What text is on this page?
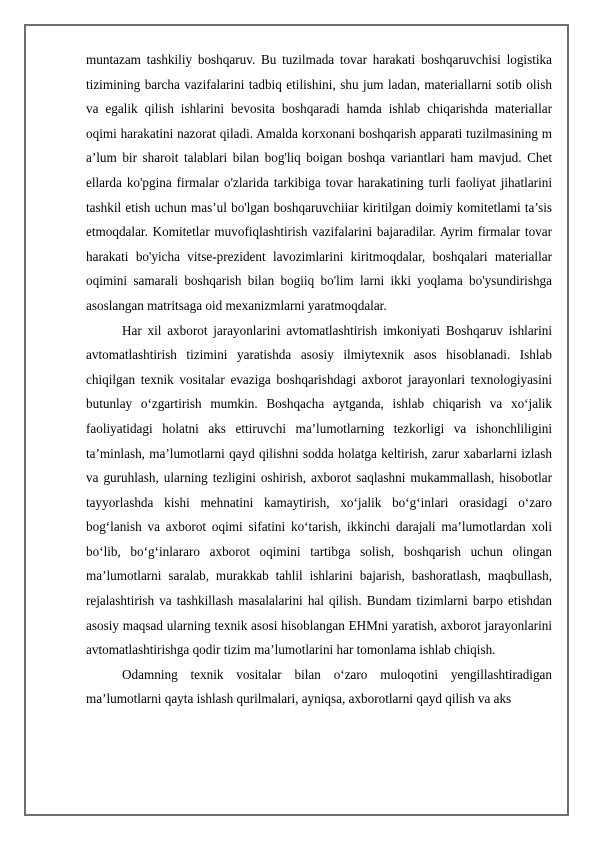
muntazam tashkiliy boshqaruv. Bu tuzilmada tovar harakati boshqaruvchisi logistika tizimining barcha vazifalarini tadbiq etilishini, shu jum ladan, materiallarni sotib olish va egalik qilish ishlarini bevosita boshqaradi hamda ishlab chiqarishda materiallar oqimi harakatini nazorat qiladi. Amalda korxonani boshqarish apparati tuzilmasining m a’lum bir sharoit talablari bilan bog'liq boigan boshqa variantlari ham mavjud. Chet ellarda ko'pgina firmalar o'zlarida tarkibiga tovar harakatining turli faoliyat jihatlarini tashkil etish uchun mas’ul bo'lgan boshqaruvchiiar kiritilgan doimiy komitetlami ta’sis etmoqdalar. Komitetlar muvofiqlashtirish vazifalarini bajaradilar. Ayrim firmalar tovar harakati bo'yicha vitse-prezident lavozimlarini kiritmoqdalar, boshqalari materiallar oqimini samarali boshqarish bilan bogiiq bo'lim larni ikki yoqlama bo'ysundirishga asoslangan matritsaga oid mexanizmlarni yaratmoqdalar.

Har xil axborot jarayonlarini avtomatlashtirish imkoniyati Boshqaruv ishlarini avtomatlashtirish tizimini yaratishda asosiy ilmiytexnik asos hisoblanadi. Ishlab chiqilgan texnik vositalar evaziga boshqarishdagi axborot jarayonlari texnologiyasini butunlay o‘zgartirish mumkin. Boshqacha aytganda, ishlab chiqarish va xo‘jalik faoliyatidagi holatni aks ettiruvchi ma’lumotlarning tezkorligi va ishonchliligini ta’minlash, ma’lumotlarni qayd qilishni sodda holatga keltirish, zarur xabarlarni izlash va guruhlash, ularning tezligini oshirish, axborot saqlashni mukammallash, hisobotlar tayyorlashda kishi mehnatini kamaytirish, xo‘jalik bo‘g‘inlari orasidagi o‘zaro bog‘lanish va axborot oqimi sifatini ko‘tarish, ikkinchi darajali ma’lumotlardan xoli bo‘lib, bo‘g‘inlararo axborot oqimini tartibga solish, boshqarish uchun olingan ma’lumotlarni saralab, murakkab tahlil ishlarini bajarish, bashoratlash, maqbullash, rejalashtirish va tashkillash masalalarini hal qilish. Bundam tizimlarni barpo etishdan asosiy maqsad ularning texnik asosi hisoblangan EHMni yaratish, axborot jarayonlarini avtomatlashtirishga qodir tizim ma’lumotlarini har tomonlama ishlab chiqish.

Odamning texnik vositalar bilan o‘zaro muloqotini yengillashtiradigan ma’lumotlarni qayta ishlash qurilmalari, ayniqsa, axborotlarni qayd qilish va aks
